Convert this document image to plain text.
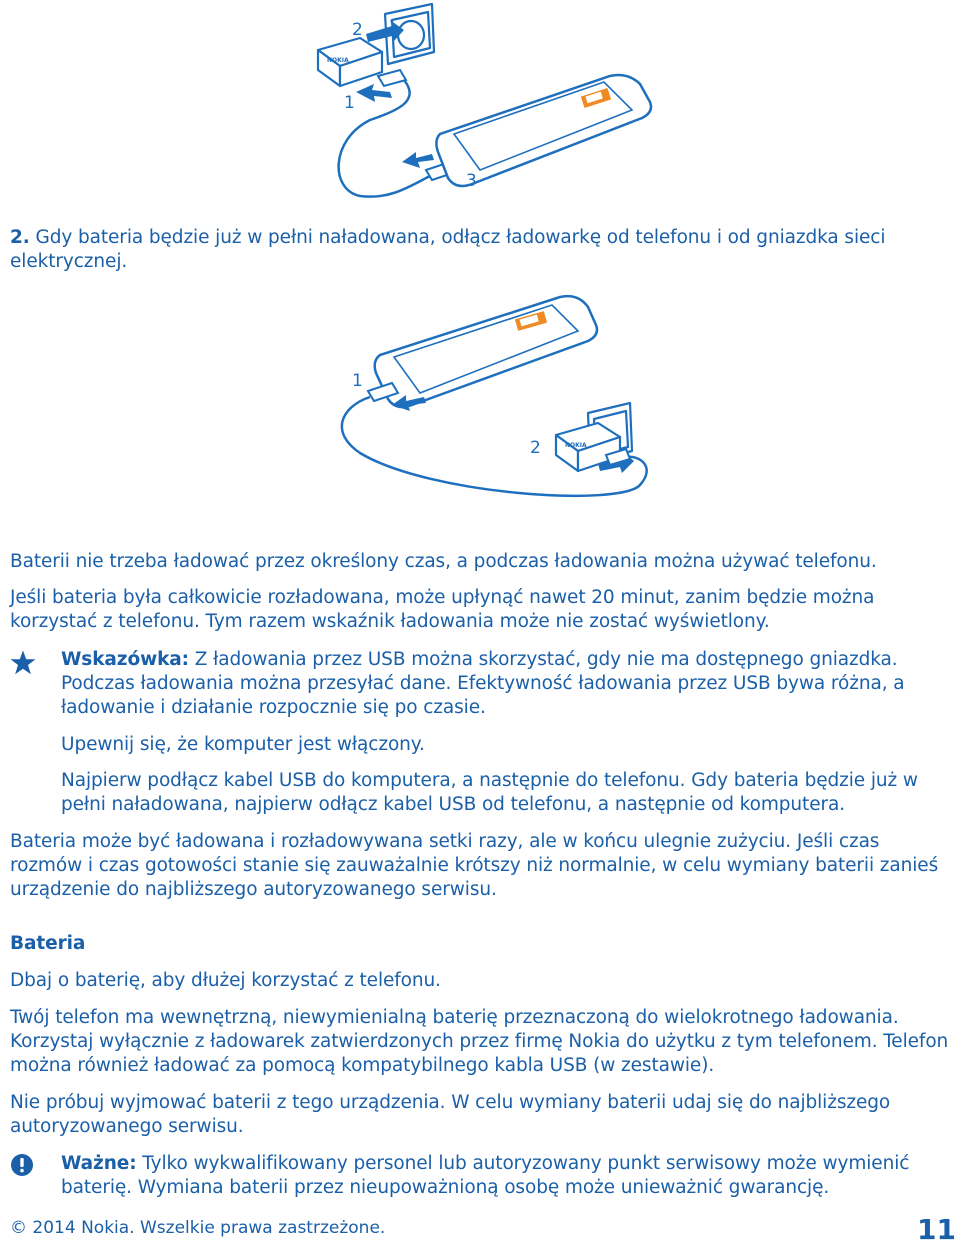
NOKIA
2
1
3

2. Gdy bateria będzie już w pełni naładowana, odłącz ładowarkę od telefonu i od gniazdka sieci elektrycznej.

NOKIA
1
2

Baterii nie trzeba ładować przez określony czas, a podczas ładowania można używać telefonu.

Jeśli bateria była całkowicie rozładowana, może upłynąć nawet 20 minut, zanim będzie można korzystać z telefonu. Tym razem wskaźnik ładowania może nie zostać wyświetlony.

Wskazówka: Z ładowania przez USB można skorzystać, gdy nie ma dostępnego gniazdka. Podczas ładowania można przesyłać dane. Efektywność ładowania przez USB bywa różna, a ładowanie i działanie rozpocznie się po czasie.

Upewnij się, że komputer jest włączony.

Najpierw podłącz kabel USB do komputera, a następnie do telefonu. Gdy bateria będzie już w pełni naładowana, najpierw odłącz kabel USB od telefonu, a następnie od komputera.

Bateria może być ładowana i rozładowywana setki razy, ale w końcu ulegnie zużyciu. Jeśli czas rozmów i czas gotowości stanie się zauważalnie krótszy niż normalnie, w celu wymiany baterii zanieś urządzenie do najbliższego autoryzowanego serwisu.

Bateria

Dbaj o baterię, aby dłużej korzystać z telefonu.

Twój telefon ma wewnętrzną, niewymienialną baterię przeznaczoną do wielokrotnego ładowania. Korzystaj wyłącznie z ładowarek zatwierdzonych przez firmę Nokia do użytku z tym telefonem. Telefon można również ładować za pomocą kompatybilnego kabla USB (w zestawie).

Nie próbuj wyjmować baterii z tego urządzenia. W celu wymiany baterii udaj się do najbliższego autoryzowanego serwisu.

Ważne: Tylko wykwalifikowany personel lub autoryzowany punkt serwisowy może wymienić baterię. Wymiana baterii przez nieupoważnioną osobę może unieważnić gwarancję.

© 2014 Nokia. Wszelkie prawa zastrzeżone.	11
